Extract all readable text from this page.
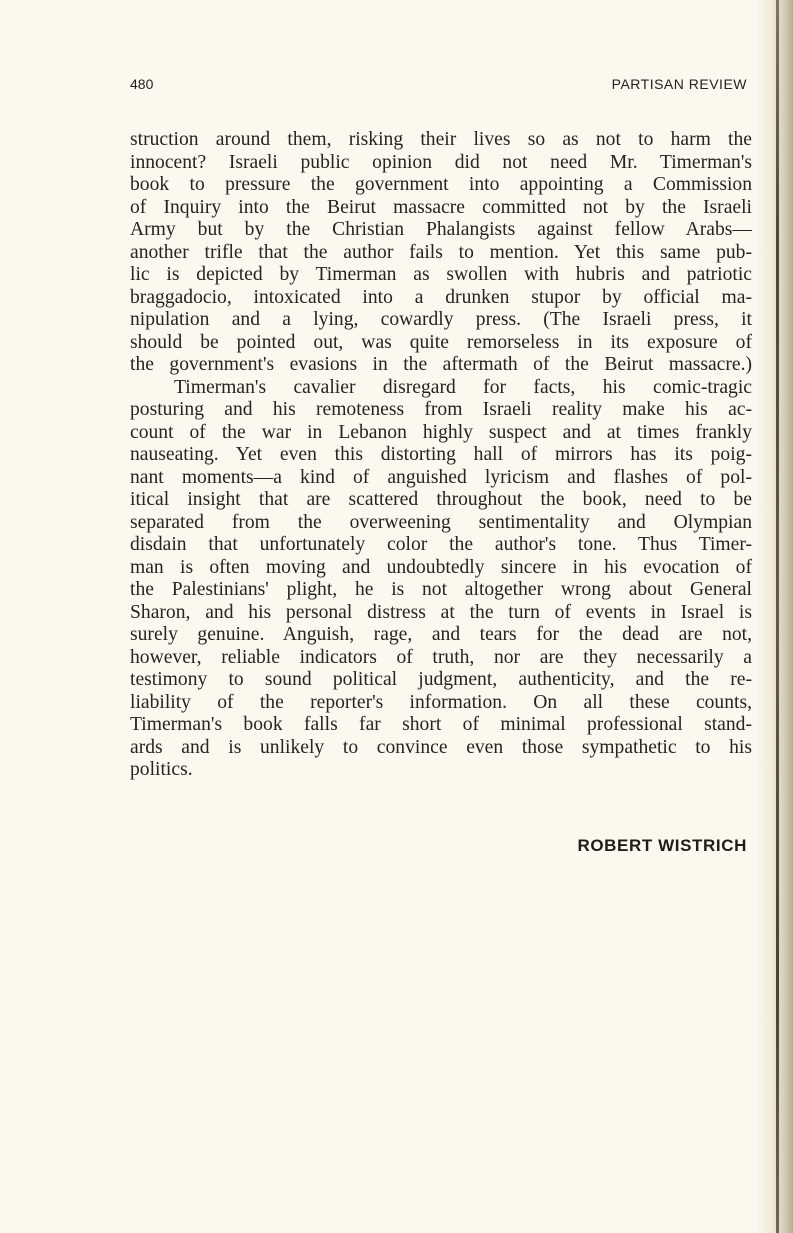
480	PARTISAN REVIEW
struction around them, risking their lives so as not to harm the
innocent? Israeli public opinion did not need Mr. Timerman's
book to pressure the government into appointing a Commission
of Inquiry into the Beirut massacre committed not by the Israeli
Army but by the Christian Phalangists against fellow Arabs—
another trifle that the author fails to mention. Yet this same pub-
lic is depicted by Timerman as swollen with hubris and patriotic
braggadocio, intoxicated into a drunken stupor by official ma-
nipulation and a lying, cowardly press. (The Israeli press, it
should be pointed out, was quite remorseless in its exposure of
the government's evasions in the aftermath of the Beirut massacre.)
Timerman's cavalier disregard for facts, his comic-tragic
posturing and his remoteness from Israeli reality make his ac-
count of the war in Lebanon highly suspect and at times frankly
nauseating. Yet even this distorting hall of mirrors has its poig-
nant moments—a kind of anguished lyricism and flashes of pol-
itical insight that are scattered throughout the book, need to be
separated from the overweening sentimentality and Olympian
disdain that unfortunately color the author's tone. Thus Timer-
man is often moving and undoubtedly sincere in his evocation of
the Palestinians' plight, he is not altogether wrong about General
Sharon, and his personal distress at the turn of events in Israel is
surely genuine. Anguish, rage, and tears for the dead are not,
however, reliable indicators of truth, nor are they necessarily a
testimony to sound political judgment, authenticity, and the re-
liability of the reporter's information. On all these counts,
Timerman's book falls far short of minimal professional stand-
ards and is unlikely to convince even those sympathetic to his
politics.
ROBERT WISTRICH
